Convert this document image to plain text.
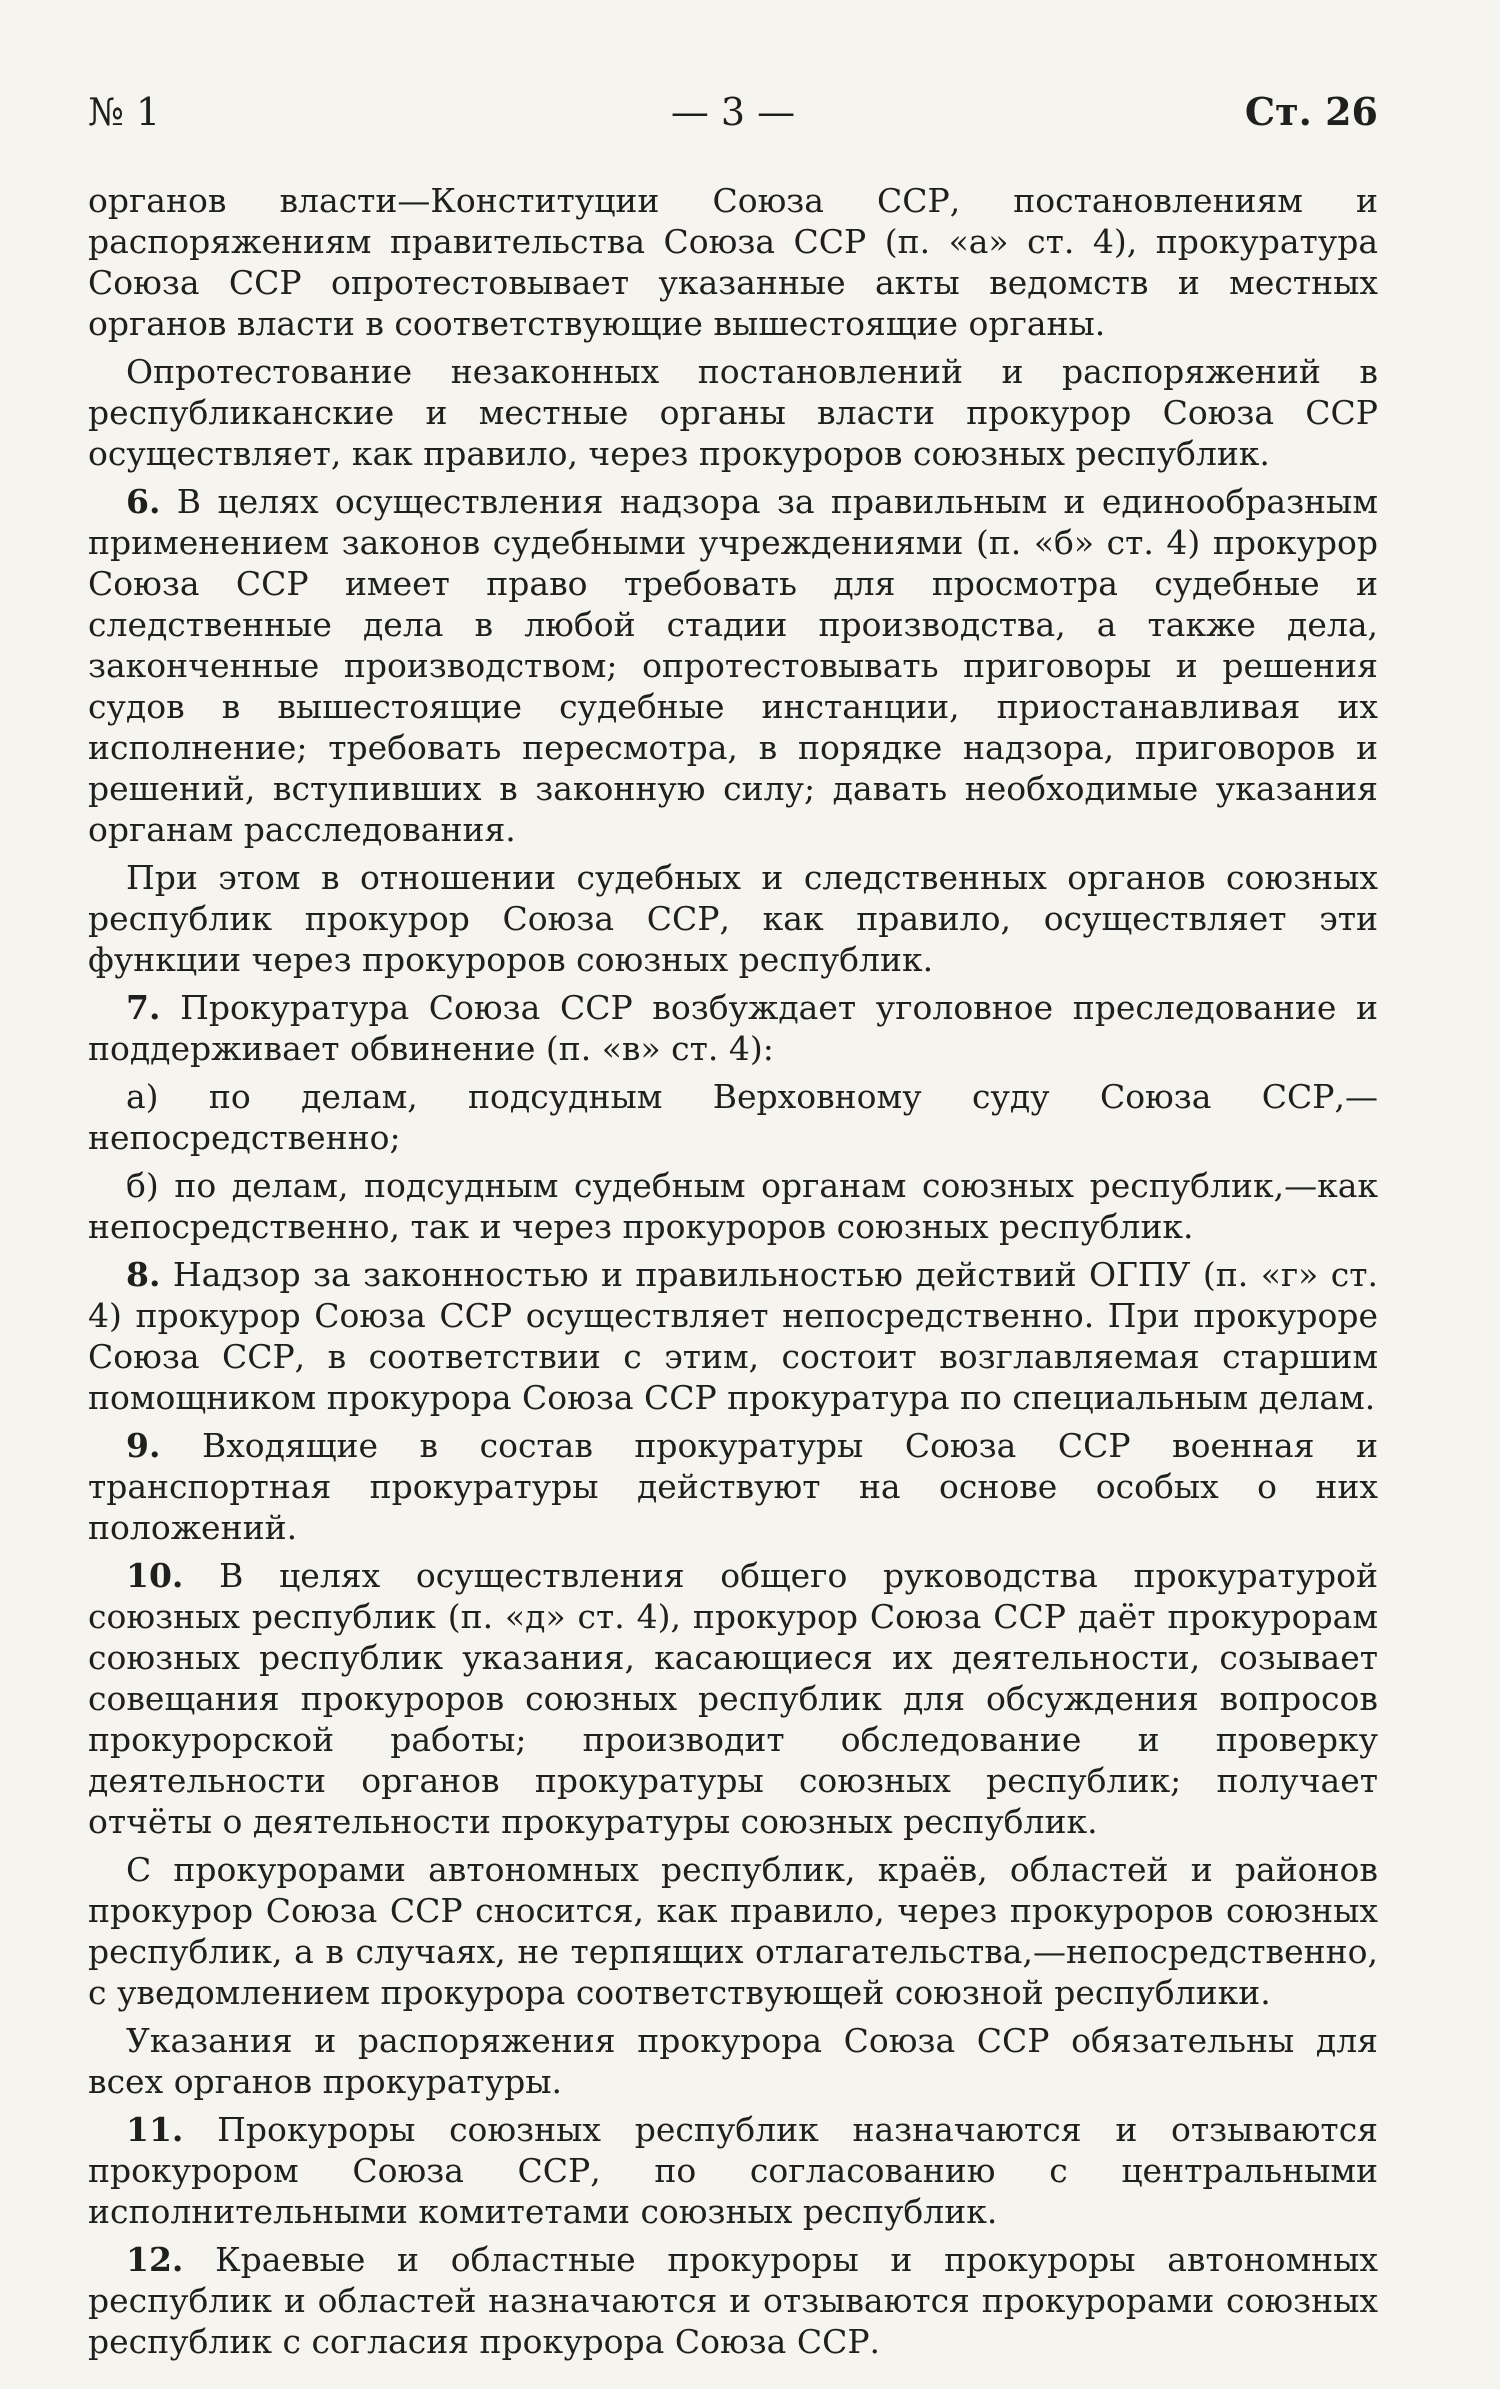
№ 1	— 3 —	Ст. 26

органов власти—Конституции Союза ССР, постановлениям и распоряжениям правительства Союза ССР (п. «а» ст. 4), прокуратура Союза ССР опротестовывает указанные акты ведомств и местных органов власти в соответствующие вышестоящие органы.

Опротестование незаконных постановлений и распоряжений в республиканские и местные органы власти прокурор Союза ССР осуществляет, как правило, через прокуроров союзных республик.

6. В целях осуществления надзора за правильным и единообразным применением законов судебными учреждениями (п. «б» ст. 4) прокурор Союза ССР имеет право требовать для просмотра судебные и следственные дела в любой стадии производства, а также дела, законченные производством; опротестовывать приговоры и решения судов в вышестоящие судебные инстанции, приостанавливая их исполнение; требовать пересмотра, в порядке надзора, приговоров и решений, вступивших в законную силу; давать необходимые указания органам расследования.

При этом в отношении судебных и следственных органов союзных республик прокурор Союза ССР, как правило, осуществляет эти функции через прокуроров союзных республик.

7. Прокуратура Союза ССР возбуждает уголовное преследование и поддерживает обвинение (п. «в» ст. 4):

а) по делам, подсудным Верховному суду Союза ССР,—непосредственно;

б) по делам, подсудным судебным органам союзных республик,—как непосредственно, так и через прокуроров союзных республик.

8. Надзор за законностью и правильностью действий ОГПУ (п. «г» ст. 4) прокурор Союза ССР осуществляет непосредственно. При прокуроре Союза ССР, в соответствии с этим, состоит возглавляемая старшим помощником прокурора Союза ССР прокуратура по специальным делам.

9. Входящие в состав прокуратуры Союза ССР военная и транспортная прокуратуры действуют на основе особых о них положений.

10. В целях осуществления общего руководства прокуратурой союзных республик (п. «д» ст. 4), прокурор Союза ССР даёт прокурорам союзных республик указания, касающиеся их деятельности, созывает совещания прокуроров союзных республик для обсуждения вопросов прокурорской работы; производит обследование и проверку деятельности органов прокуратуры союзных республик; получает отчёты о деятельности прокуратуры союзных республик.

С прокурорами автономных республик, краёв, областей и районов прокурор Союза ССР сносится, как правило, через прокуроров союзных республик, а в случаях, не терпящих отлагательства,—непосредственно, с уведомлением прокурора соответствующей союзной республики.

Указания и распоряжения прокурора Союза ССР обязательны для всех органов прокуратуры.

11. Прокуроры союзных республик назначаются и отзываются прокурором Союза ССР, по согласованию с центральными исполнительными комитетами союзных республик.

12. Краевые и областные прокуроры и прокуроры автономных республик и областей назначаются и отзываются прокурорами союзных республик с согласия прокурора Союза ССР.
